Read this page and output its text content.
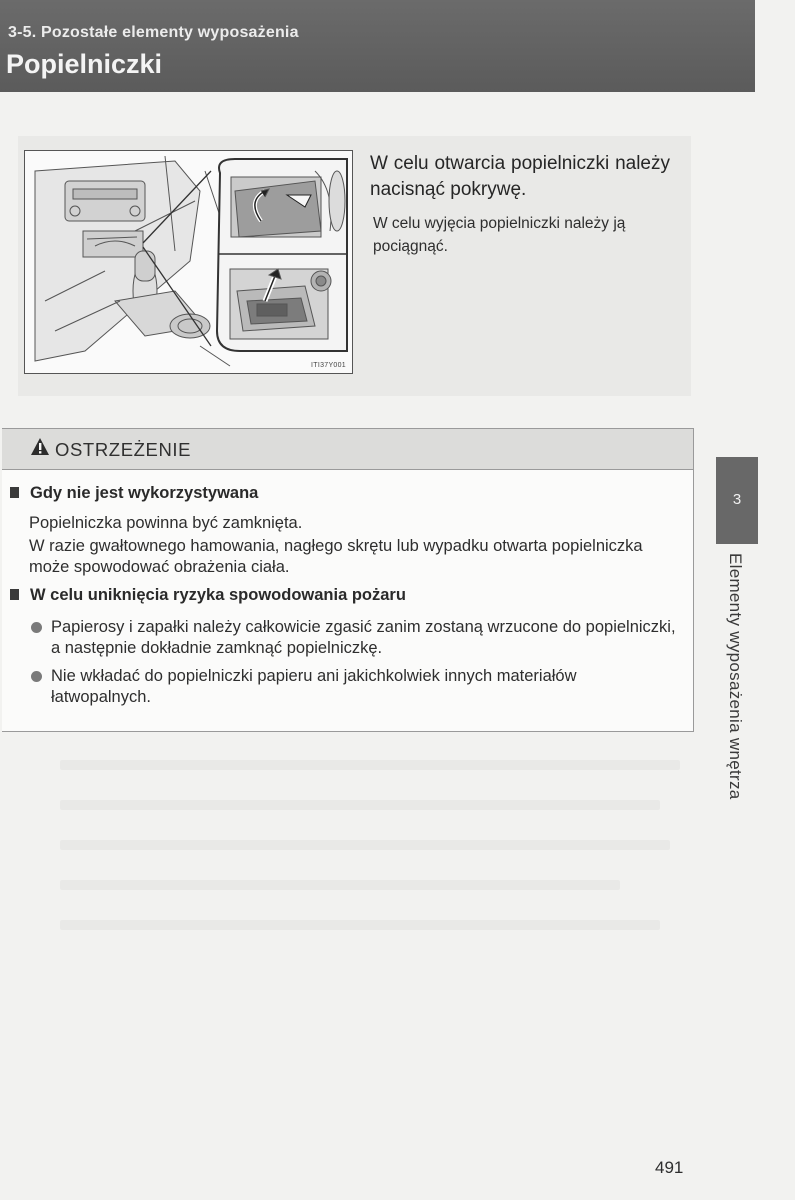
3-5. Pozostałe elementy wyposażenia
Popielniczki
ITI37Y001
W celu otwarcia popielniczki należy nacisnąć pokrywę.
W celu wyjęcia popielniczki należy ją pociągnąć.
OSTRZEŻENIE
Gdy nie jest wykorzystywana
Popielniczka powinna być zamknięta.
W razie gwałtownego hamowania, nagłego skrętu lub wypadku otwarta popielniczka może spowodować obrażenia ciała.
W celu uniknięcia ryzyka spowodowania pożaru
Papierosy i zapałki należy całkowicie zgasić zanim zostaną wrzucone do popielniczki, a następnie dokładnie zamknąć popielniczkę.
Nie wkładać do popielniczki papieru ani jakichkolwiek innych materiałów łatwopalnych.
3
Elementy wyposażenia wnętrza
491
